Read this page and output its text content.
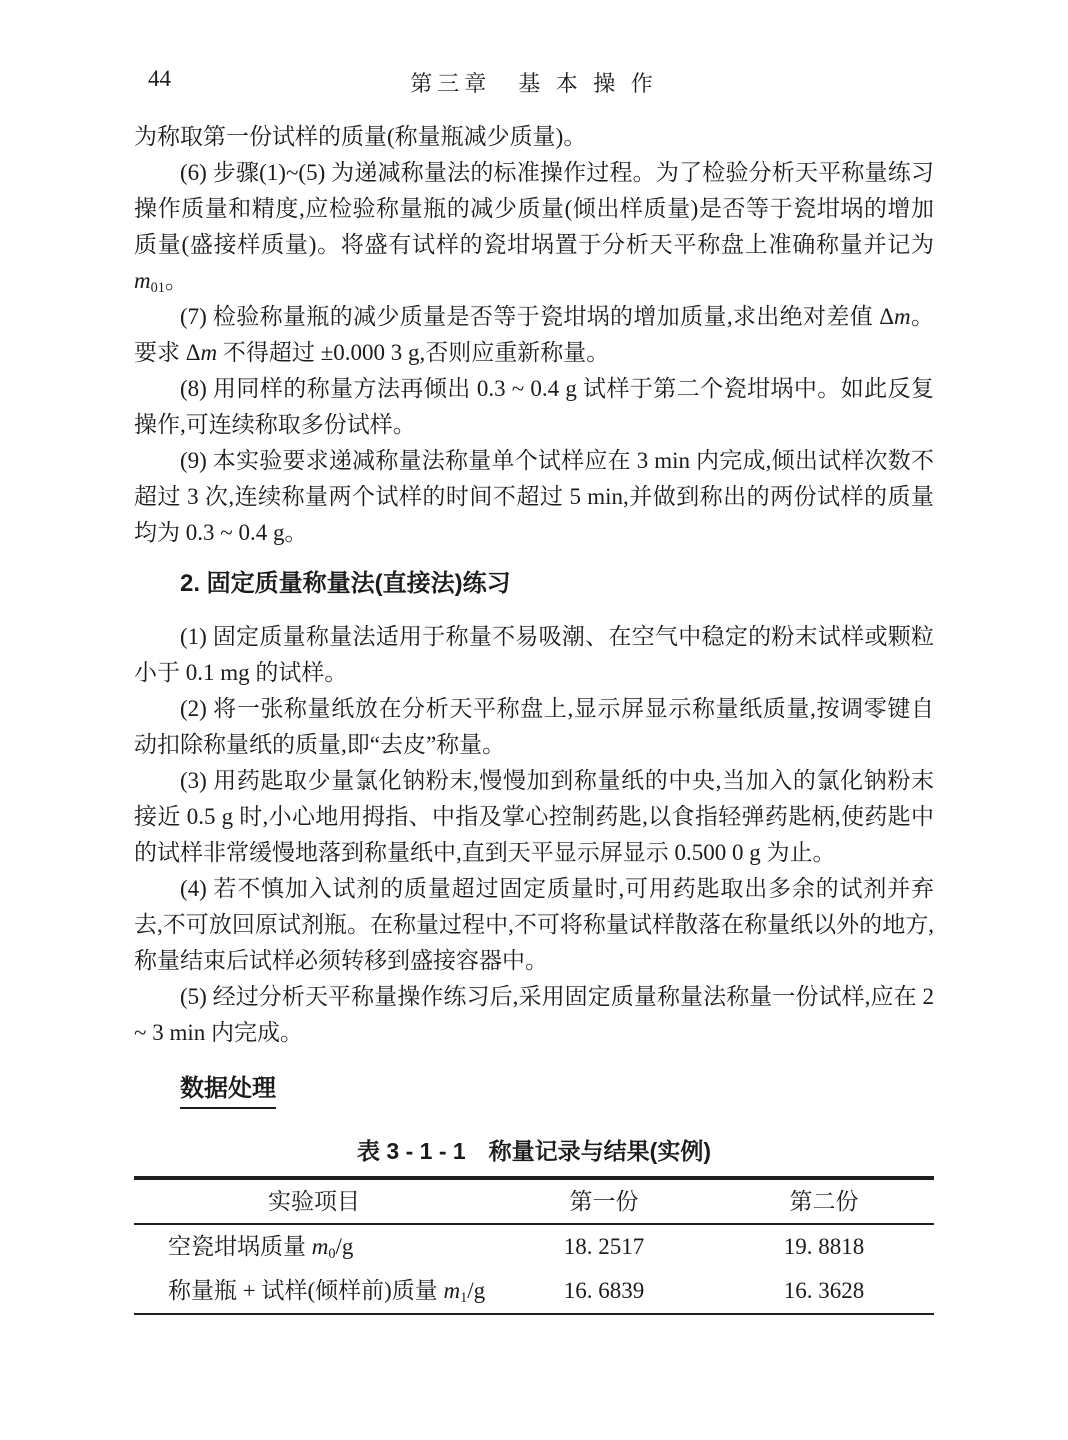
44	第三章　基 本 操 作

为称取第一份试样的质量(称量瓶减少质量)。

(6) 步骤(1)~(5) 为递减称量法的标准操作过程。为了检验分析天平称量练习操作质量和精度,应检验称量瓶的减少质量(倾出样质量)是否等于瓷坩埚的增加质量(盛接样质量)。将盛有试样的瓷坩埚置于分析天平称盘上准确称量并记为 $m_{01}$。

(7) 检验称量瓶的减少质量是否等于瓷坩埚的增加质量,求出绝对差值 Δm。要求 Δm 不得超过 ±0.000 3 g,否则应重新称量。

(8) 用同样的称量方法再倾出 0.3 ~ 0.4 g 试样于第二个瓷坩埚中。如此反复操作,可连续称取多份试样。

(9) 本实验要求递减称量法称量单个试样应在 3 min 内完成,倾出试样次数不超过 3 次,连续称量两个试样的时间不超过 5 min,并做到称出的两份试样的质量均为 0.3 ~ 0.4 g。

2. 固定质量称量法(直接法)练习

(1) 固定质量称量法适用于称量不易吸潮、在空气中稳定的粉末试样或颗粒小于 0.1 mg 的试样。

(2) 将一张称量纸放在分析天平称盘上,显示屏显示称量纸质量,按调零键自动扣除称量纸的质量,即“去皮”称量。

(3) 用药匙取少量氯化钠粉末,慢慢加到称量纸的中央,当加入的氯化钠粉末接近 0.5 g 时,小心地用拇指、中指及掌心控制药匙,以食指轻弹药匙柄,使药匙中的试样非常缓慢地落到称量纸中,直到天平显示屏显示 0.500 0 g 为止。

(4) 若不慎加入试剂的质量超过固定质量时,可用药匙取出多余的试剂并弃去,不可放回原试剂瓶。在称量过程中,不可将称量试样散落在称量纸以外的地方,称量结束后试样必须转移到盛接容器中。

(5) 经过分析天平称量操作练习后,采用固定质量称量法称量一份试样,应在 2 ~ 3 min 内完成。

数据处理
表 3 - 1 - 1　称量记录与结果(实例)
实验项目	第一份	第二份
空瓷坩埚质量 $m_0/g$	18. 2517	19. 8818
称量瓶 + 试样(倾样前)质量 $m_1/g$	16. 6839	16. 3628
